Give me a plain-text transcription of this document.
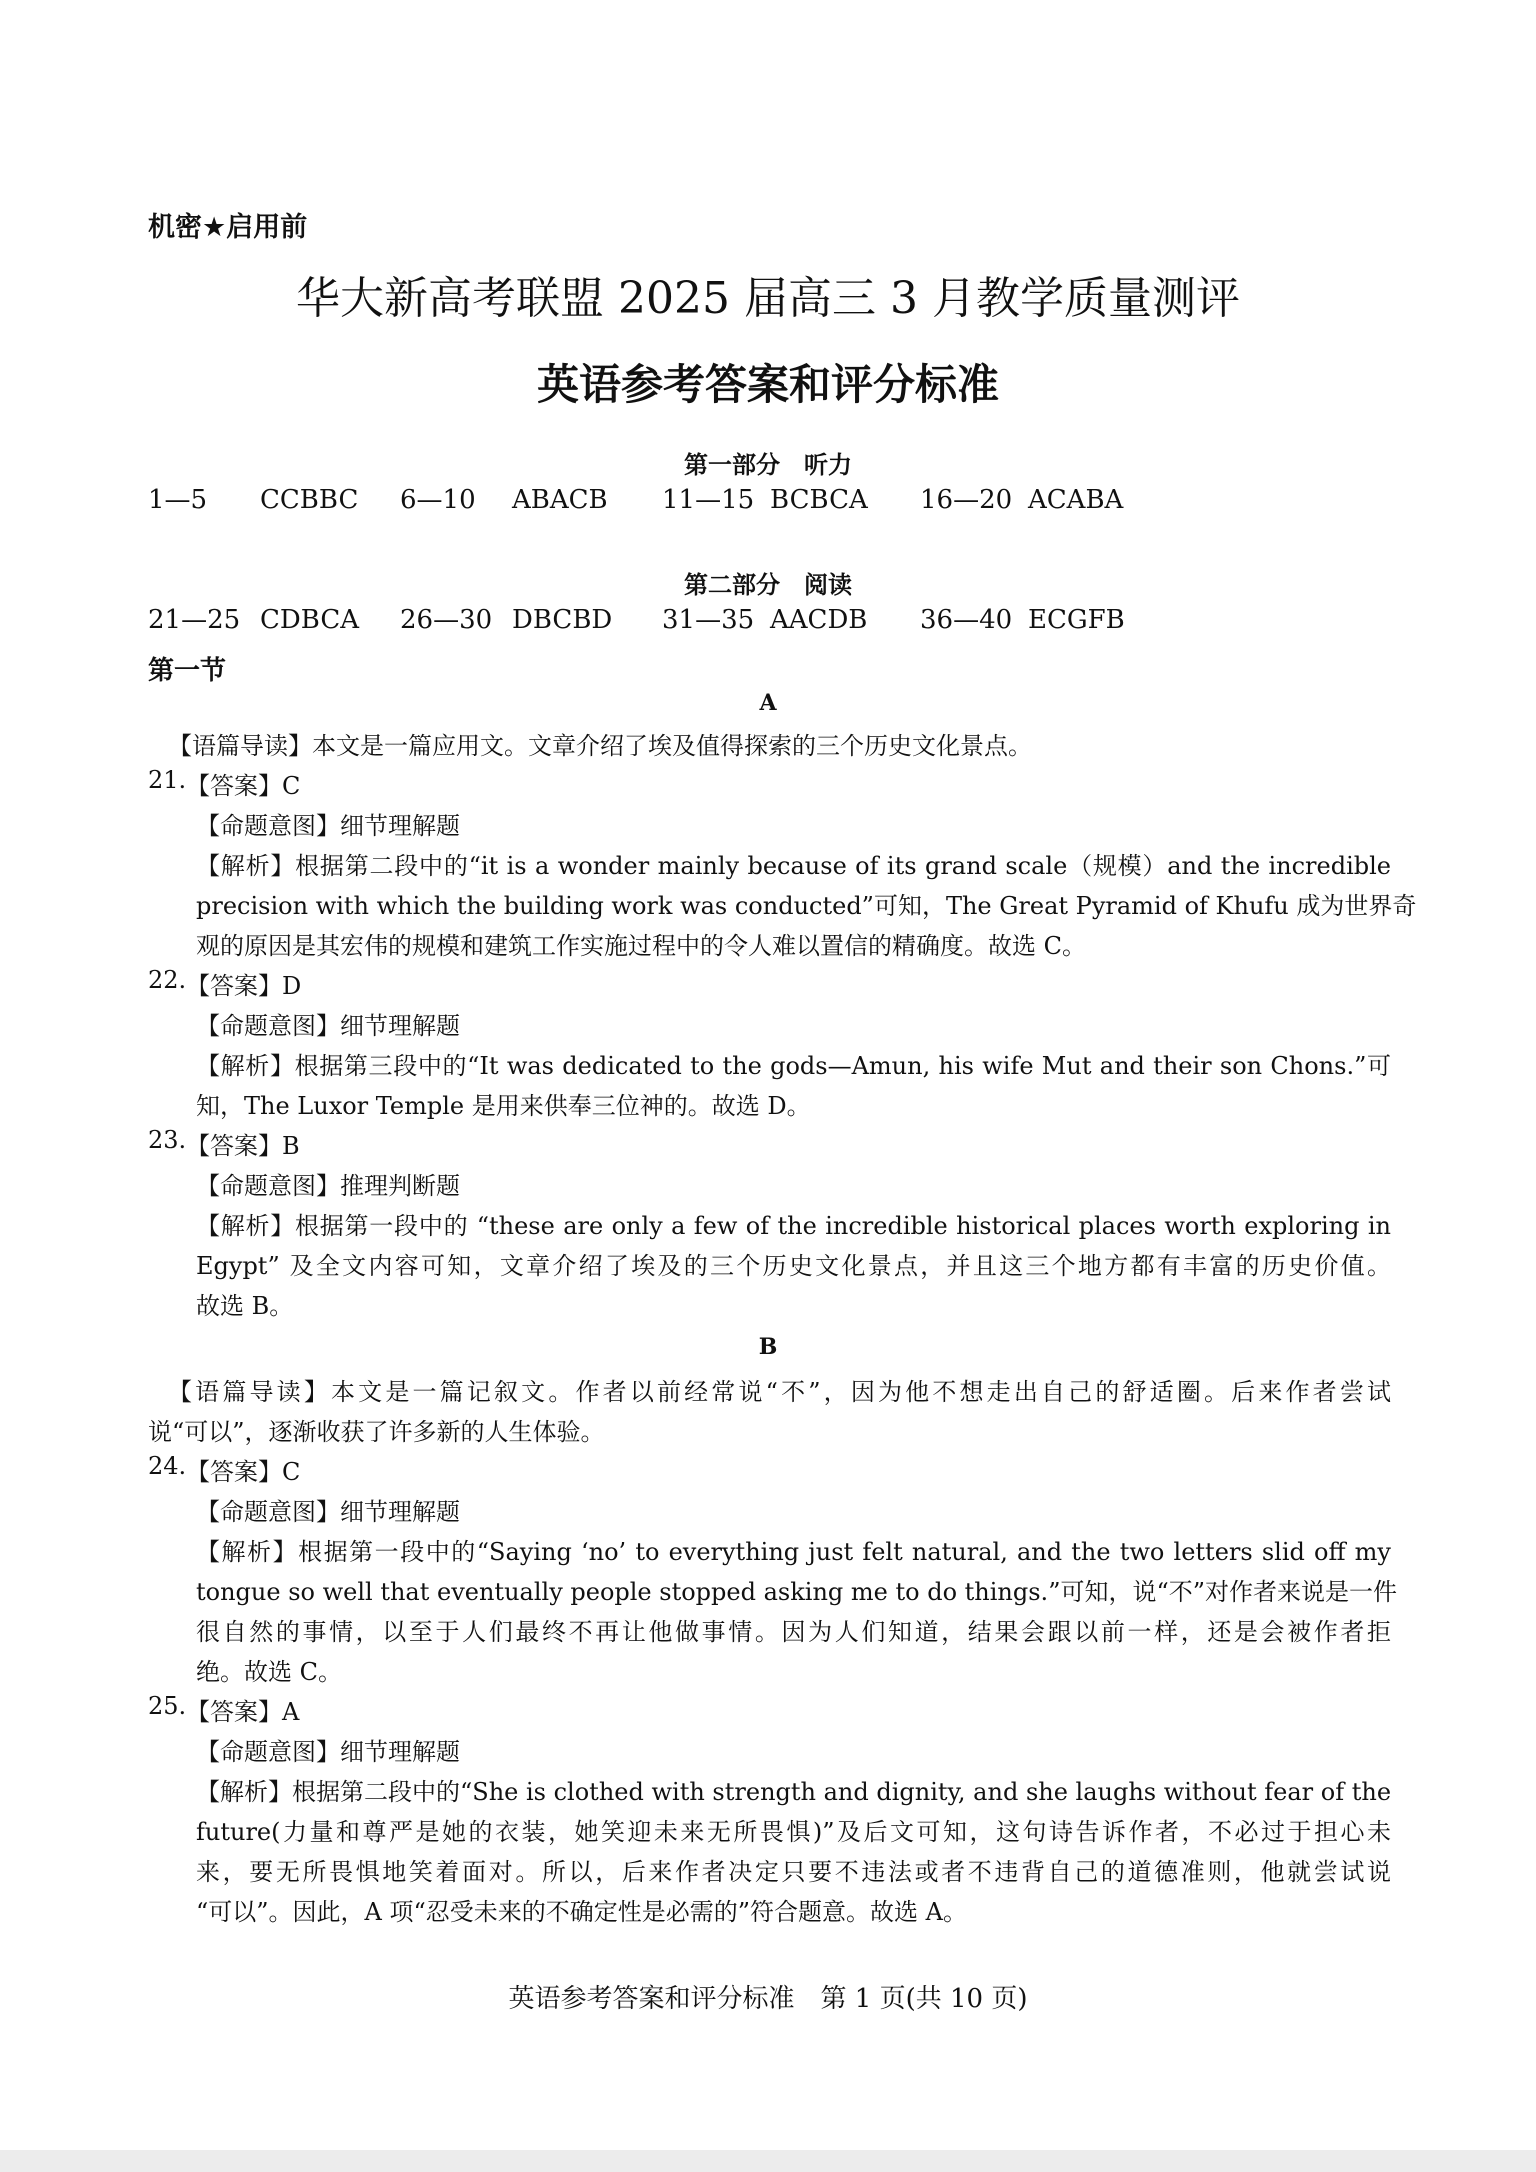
机密★启用前
华大新高考联盟 2025 届高三 3 月教学质量测评
英语参考答案和评分标准
第一部分　听力
1—5 CCBBC 6—10 ABACB 11—15 BCBCA 16—20 ACABA
第二部分　阅读
21—25 CDBCA 26—30 DBCBD 31—35 AACDB 36—40 ECGFB
第一节
A
【语篇导读】本文是一篇应用文。文章介绍了埃及值得探索的三个历史文化景点。
21. 【答案】C
【命题意图】细节理解题
【解析】根据第二段中的“it is a wonder mainly because of its grand scale（规模）and the incredible
precision with which the building work was conducted”可知，The Great Pyramid of Khufu 成为世界奇
观的原因是其宏伟的规模和建筑工作实施过程中的令人难以置信的精确度。故选 C。
22. 【答案】D
【命题意图】细节理解题
【解析】根据第三段中的“It was dedicated to the gods—Amun, his wife Mut and their son Chons.”可
知，The Luxor Temple 是用来供奉三位神的。故选 D。
23. 【答案】B
【命题意图】推理判断题
【解析】根据第一段中的 “these are only a few of the incredible historical places worth exploring in
Egypt” 及全文内容可知，文章介绍了埃及的三个历史文化景点，并且这三个地方都有丰富的历史价值。
故选 B。
B
【语篇导读】本文是一篇记叙文。作者以前经常说“不”，因为他不想走出自己的舒适圈。后来作者尝试
说“可以”，逐渐收获了许多新的人生体验。
24. 【答案】C
【命题意图】细节理解题
【解析】根据第一段中的“Saying ‘no’ to everything just felt natural, and the two letters slid off my
tongue so well that eventually people stopped asking me to do things.”可知，说“不”对作者来说是一件
很自然的事情，以至于人们最终不再让他做事情。因为人们知道，结果会跟以前一样，还是会被作者拒
绝。故选 C。
25. 【答案】A
【命题意图】细节理解题
【解析】根据第二段中的“She is clothed with strength and dignity, and she laughs without fear of the
future(力量和尊严是她的衣装，她笑迎未来无所畏惧)”及后文可知，这句诗告诉作者，不必过于担心未
来，要无所畏惧地笑着面对。所以，后来作者决定只要不违法或者不违背自己的道德准则，他就尝试说
“可以”。因此，A 项“忍受未来的不确定性是必需的”符合题意。故选 A。
英语参考答案和评分标准　第 1 页(共 10 页)
